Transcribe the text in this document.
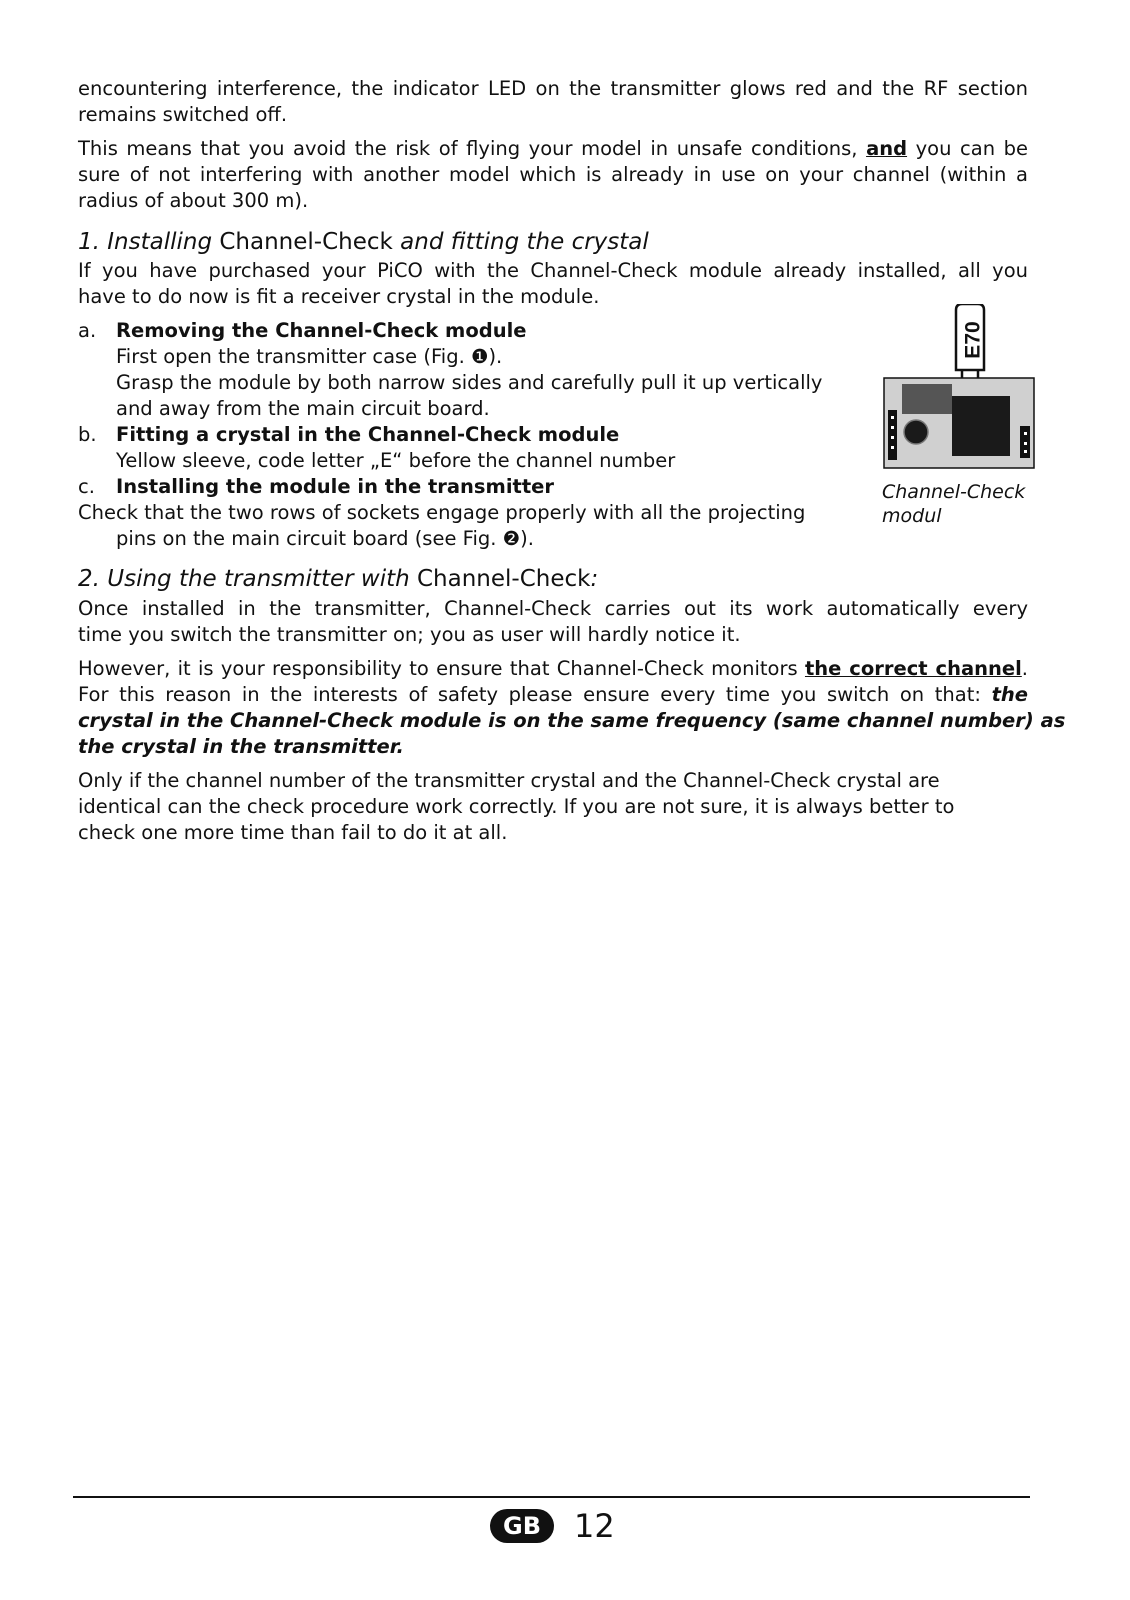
encountering interference, the indicator LED on the transmitter glows red and the RF section
remains switched off.
This means that you avoid the risk of flying your model in unsafe conditions, and you can be
sure of not interfering with another model which is already in use on your channel (within a
radius of about 300 m).
1. Installing Channel-Check and fitting the crystal
If you have purchased your PiCO with the Channel-Check module already installed, all you
have to do now is fit a receiver crystal in the module.
a. Removing the Channel-Check module
First open the transmitter case (Fig. ❶).
Grasp the module by both narrow sides and carefully pull it up vertically
and away from the main circuit board.
b. Fitting a crystal in the Channel-Check module
Yellow sleeve, code letter „E“ before the channel number
c. Installing the module in the transmitter
Check that the two rows of sockets engage properly with all the projecting
pins on the main circuit board (see Fig. ❷).
E70
Channel-Check
modul
2. Using the transmitter with Channel-Check:
Once installed in the transmitter, Channel-Check carries out its work automatically every
time you switch the transmitter on; you as user will hardly notice it.
However, it is your responsibility to ensure that Channel-Check monitors the correct channel.
For this reason in the interests of safety please ensure every time you switch on that: the
crystal in the Channel-Check module is on the same frequency (same channel number) as
the crystal in the transmitter.
Only if the channel number of the transmitter crystal and the Channel-Check crystal are
identical can the check procedure work correctly. If you are not sure, it is always better to
check one more time than fail to do it at all.
GB	12
